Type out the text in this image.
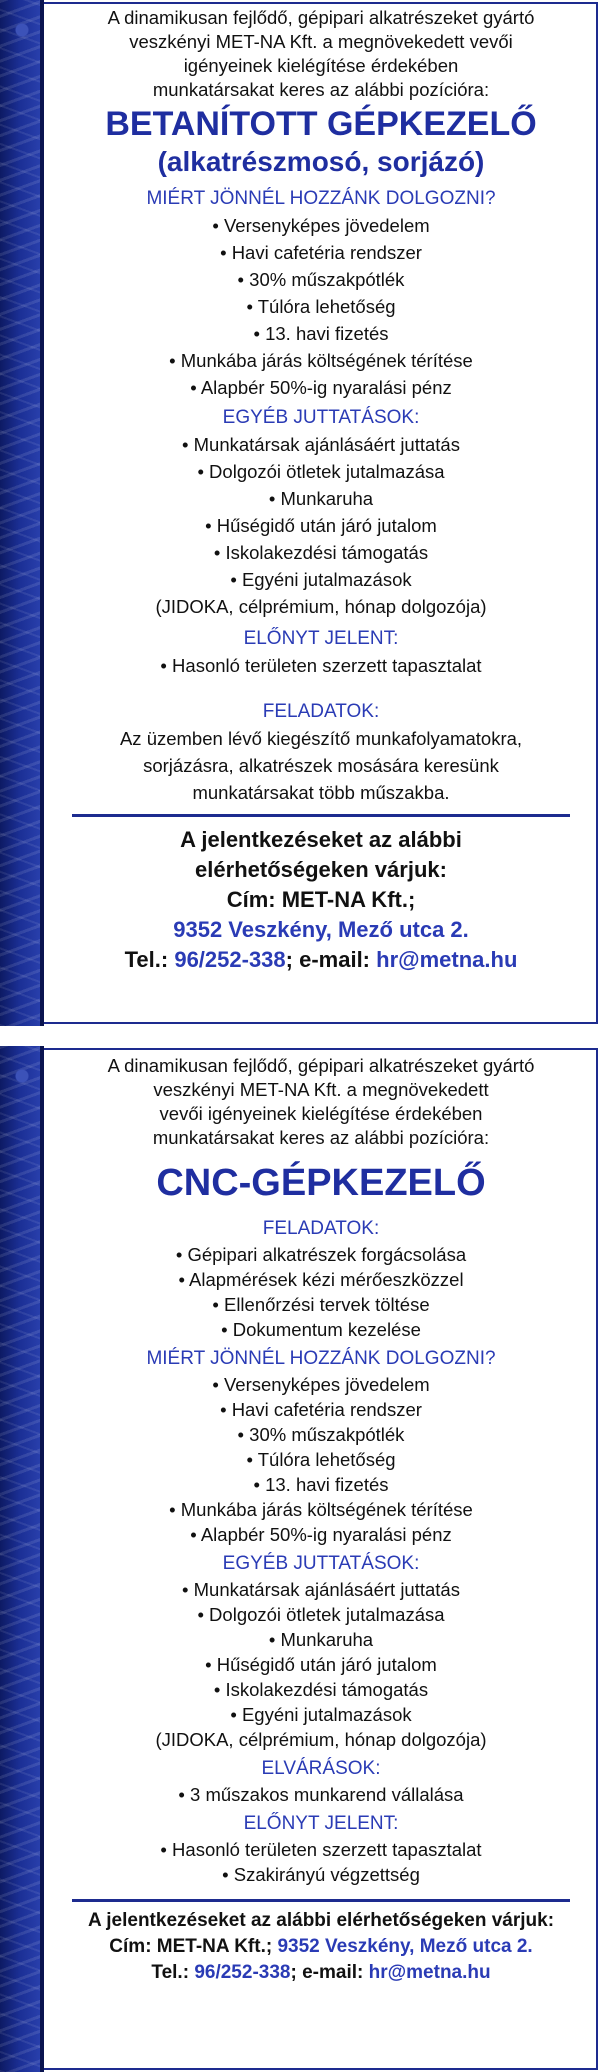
A dinamikusan fejlődő, gépipari alkatrészeket gyártó
veszkényi MET-NA Kft. a megnövekedett vevői
igényeinek kielégítése érdekében
munkatársakat keres az alábbi pozícióra:
BETANÍTOTT GÉPKEZELŐ
(alkatrészmosó, sorjázó)
MIÉRT JÖNNÉL HOZZÁNK DOLGOZNI?
• Versenyképes jövedelem
• Havi cafetéria rendszer
• 30% műszakpótlék
• Túlóra lehetőség
• 13. havi fizetés
• Munkába járás költségének térítése
• Alapbér 50%-ig nyaralási pénz
EGYÉB JUTTATÁSOK:
• Munkatársak ajánlásáért juttatás
• Dolgozói ötletek jutalmazása
• Munkaruha
• Hűségidő után járó jutalom
• Iskolakezdési támogatás
• Egyéni jutalmazások
(JIDOKA, célprémium, hónap dolgozója)
ELŐNYT JELENT:
• Hasonló területen szerzett tapasztalat
FELADATOK:
Az üzemben lévő kiegészítő munkafolyamatokra,
sorjázásra, alkatrészek mosására keresünk
munkatársakat több műszakba.
A jelentkezéseket az alábbi
elérhetőségeken várjuk:
Cím: MET-NA Kft.;
9352 Veszkény, Mező utca 2.
Tel.: 96/252-338; e-mail: hr@metna.hu
A dinamikusan fejlődő, gépipari alkatrészeket gyártó
veszkényi MET-NA Kft. a megnövekedett
vevői igényeinek kielégítése érdekében
munkatársakat keres az alábbi pozícióra:
CNC-GÉPKEZELŐ
FELADATOK:
• Gépipari alkatrészek forgácsolása
• Alapmérések kézi mérőeszközzel
• Ellenőrzési tervek töltése
• Dokumentum kezelése
MIÉRT JÖNNÉL HOZZÁNK DOLGOZNI?
• Versenyképes jövedelem
• Havi cafetéria rendszer
• 30% műszakpótlék
• Túlóra lehetőség
• 13. havi fizetés
• Munkába járás költségének térítése
• Alapbér 50%-ig nyaralási pénz
EGYÉB JUTTATÁSOK:
• Munkatársak ajánlásáért juttatás
• Dolgozói ötletek jutalmazása
• Munkaruha
• Hűségidő után járó jutalom
• Iskolakezdési támogatás
• Egyéni jutalmazások
(JIDOKA, célprémium, hónap dolgozója)
ELVÁRÁSOK:
• 3 műszakos munkarend vállalása
ELŐNYT JELENT:
• Hasonló területen szerzett tapasztalat
• Szakirányú végzettség
A jelentkezéseket az alábbi elérhetőségeken várjuk:
Cím: MET-NA Kft.; 9352 Veszkény, Mező utca 2.
Tel.: 96/252-338; e-mail: hr@metna.hu
